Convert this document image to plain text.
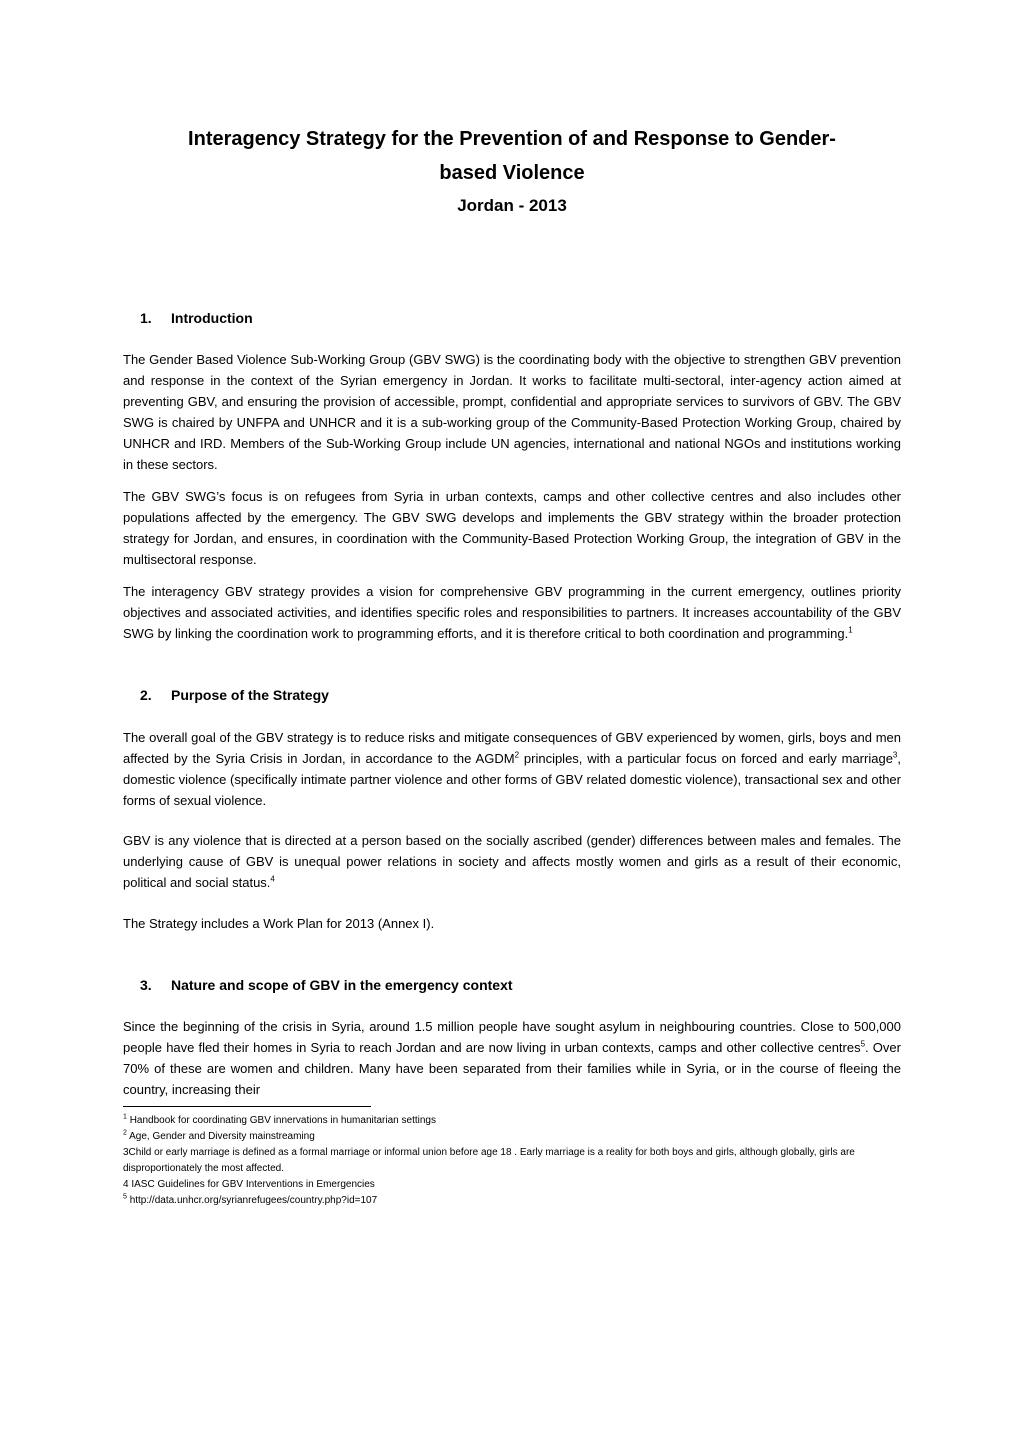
Interagency Strategy for the Prevention of and Response to Gender-based Violence
Jordan - 2013
1. Introduction

The Gender Based Violence Sub-Working Group (GBV SWG) is the coordinating body with the objective to strengthen GBV prevention and response in the context of the Syrian emergency in Jordan. It works to facilitate multi-sectoral, inter-agency action aimed at preventing GBV, and ensuring the provision of accessible, prompt, confidential and appropriate services to survivors of GBV. The GBV SWG is chaired by UNFPA and UNHCR and it is a sub-working group of the Community-Based Protection Working Group, chaired by UNHCR and IRD. Members of the Sub-Working Group include UN agencies, international and national NGOs and institutions working in these sectors.

The GBV SWG’s focus is on refugees from Syria in urban contexts, camps and other collective centres and also includes other populations affected by the emergency. The GBV SWG develops and implements the GBV strategy within the broader protection strategy for Jordan, and ensures, in coordination with the Community-Based Protection Working Group, the integration of GBV in the multisectoral response.

The interagency GBV strategy provides a vision for comprehensive GBV programming in the current emergency, outlines priority objectives and associated activities, and identifies specific roles and responsibilities to partners. It increases accountability of the GBV SWG by linking the coordination work to programming efforts, and it is therefore critical to both coordination and programming.$^1$

2. Purpose of the Strategy

The overall goal of the GBV strategy is to reduce risks and mitigate consequences of GBV experienced by women, girls, boys and men affected by the Syria Crisis in Jordan, in accordance to the AGDM$^2$ principles, with a particular focus on forced and early marriage$^3$, domestic violence (specifically intimate partner violence and other forms of GBV related domestic violence), transactional sex and other forms of sexual violence.

GBV is any violence that is directed at a person based on the socially ascribed (gender) differences between males and females. The underlying cause of GBV is unequal power relations in society and affects mostly women and girls as a result of their economic, political and social status.$^4$

The Strategy includes a Work Plan for 2013 (Annex I).

3. Nature and scope of GBV in the emergency context

Since the beginning of the crisis in Syria, around 1.5 million people have sought asylum in neighbouring countries. Close to 500,000 people have fled their homes in Syria to reach Jordan and are now living in urban contexts, camps and other collective centres$^5$. Over 70% of these are women and children. Many have been separated from their families while in Syria, or in the course of fleeing the country, increasing their

$^1$ Handbook for coordinating GBV innervations in humanitarian settings

$^2$ Age, Gender and Diversity mainstreaming

3Child or early marriage is defined as a formal marriage or informal union before age 18 . Early marriage is a reality for both boys and girls, although globally, girls are disproportionately the most affected.

4 IASC Guidelines for GBV Interventions in Emergencies

$^5$ http://data.unhcr.org/syrianrefugees/country.php?id=107
